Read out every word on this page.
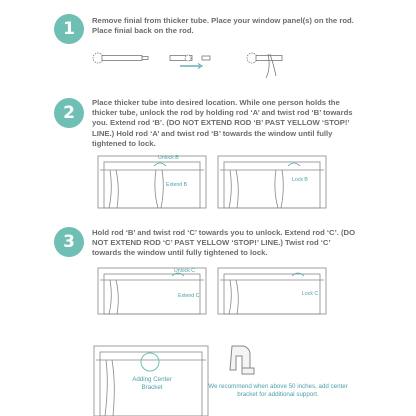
1	Remove finial from thicker tube. Place your window panel(s) on the rod. Place finial back on the rod.
2
Place thicker tube into desired location. While one person holds the thicker tube, unlock the rod by holding rod ‘A’ and twist rod ‘B’ towards you. Extend rod ‘B’. (DO NOT EXTEND ROD ‘B’ PAST YELLOW ‘STOP!’ LINE.) Hold rod ‘A’ and twist rod ‘B’ towards the window until fully tightened to lock.
Unlock B
Extend B
Lock B
3	Hold rod ‘B’ and twist rod ‘C’ towards you to unlock. Extend rod ‘C’. (DO NOT EXTEND ROD ‘C’ PAST YELLOW ‘STOP!’ LINE.) Twist rod ‘C’ towards the window until fully tightened to lock.
Unlock C
Extend C	Lock C
Adding Center Bracket	We recommend when above 50 inches, add center bracket for additional support.
